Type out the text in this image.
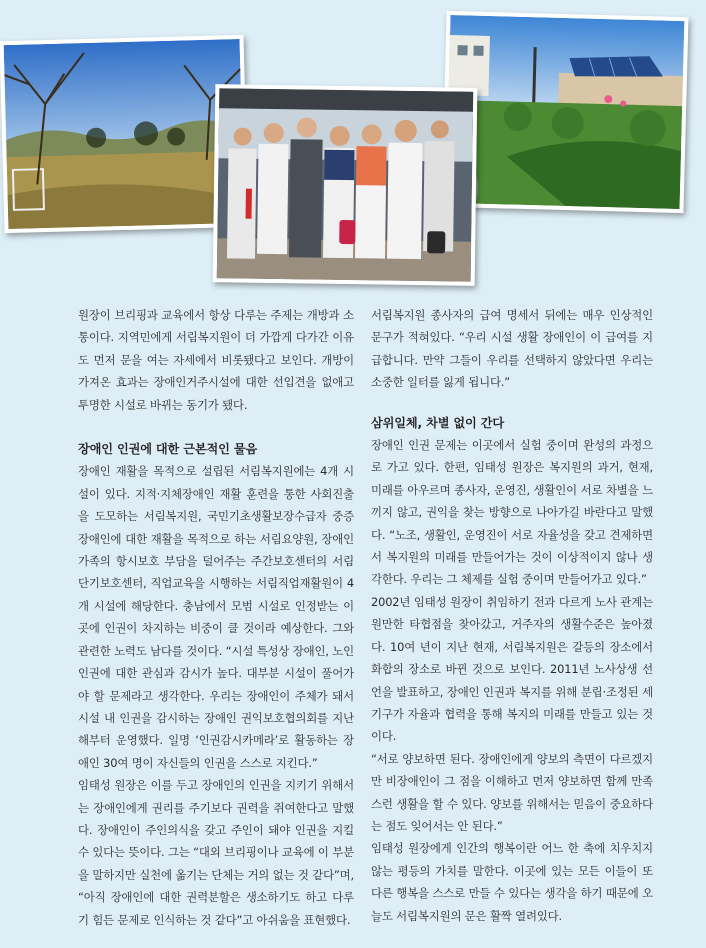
원장이 브리핑과 교육에서 항상 다루는 주제는 개방과 소통이다. 지역민에게 서림복지원이 더 가깝게 다가간 이유도 먼저 문을 여는 자세에서 비롯됐다고 보인다. 개방이 가져온 효과는 장애인거주시설에 대한 선입견을 없애고 투명한 시설로 바뀌는 동기가 됐다.

장애인 인권에 대한 근본적인 물음

장애인 재활을 목적으로 설립된 서림복지원에는 4개 시설이 있다. 지적·지체장애인 재활 훈련을 통한 사회진출을 도모하는 서림복지원, 국민기초생활보장수급자 중증장애인에 대한 재활을 목적으로 하는 서림요양원, 장애인가족의 항시보호 부담을 덜어주는 주간보호센터의 서림단기보호센터, 직업교육을 시행하는 서림직업재활원이 4개 시설에 해당한다. 충남에서 모범 시설로 인정받는 이곳에 인권이 차지하는 비중이 클 것이라 예상한다. 그와 관련한 노력도 남다를 것이다. “시설 특성상 장애인, 노인 인권에 대한 관심과 감시가 높다. 대부분 시설이 풀어가야 할 문제라고 생각한다. 우리는 장애인이 주체가 돼서 시설 내 인권을 감시하는 장애인 권익보호협의회를 지난해부터 운영했다. 일명 ‘인권감시카메라’로 활동하는 장애인 30여 명이 자신들의 인권을 스스로 지킨다.”

임태성 원장은 이를 두고 장애인의 인권을 지키기 위해서는 장애인에게 권리를 주기보다 권력을 쥐여한다고 말했다. 장애인이 주인의식을 갖고 주인이 돼야 인권을 지킬 수 있다는 뜻이다. 그는 “대외 브리핑이나 교육에 이 부분을 말하지만 실천에 옮기는 단체는 거의 없는 것 같다”며, “아직 장애인에 대한 권력분할은 생소하기도 하고 다루기 힘든 문제로 인식하는 것 같다”고 아쉬움을 표현했다.

서림복지원 종사자의 급여 명세서 뒤에는 매우 인상적인 문구가 적혀있다. “우리 시설 생활 장애인이 이 급여를 지급합니다. 만약 그들이 우리를 선택하지 않았다면 우리는 소중한 일터를 잃게 됩니다.”

삼위일체, 차별 없이 간다

장애인 인권 문제는 이곳에서 실험 중이며 완성의 과정으로 가고 있다. 한편, 임태성 원장은 복지원의 과거, 현재, 미래를 아우르며 종사자, 운영진, 생활인이 서로 차별을 느끼지 않고, 권익을 찾는 방향으로 나아가길 바란다고 말했다. “노조, 생활인, 운영진이 서로 자율성을 갖고 견제하면서 복지원의 미래를 만들어가는 것이 이상적이지 않나 생각한다. 우리는 그 체제를 실험 중이며 만들어가고 있다.”

2002년 임태성 원장이 취임하기 전과 다르게 노사 관계는 원만한 타협점을 찾아갔고, 거주자의 생활수준은 높아졌다. 10여 년이 지난 현재, 서림복지원은 갈등의 장소에서 화합의 장소로 바뀐 것으로 보인다. 2011년 노사상생 선언을 발표하고, 장애인 인권과 복지를 위해 분립·조정된 세 기구가 자율과 협력을 통해 복지의 미래를 만들고 있는 것이다.

“서로 양보하면 된다. 장애인에게 양보의 측면이 다르겠지만 비장애인이 그 점을 이해하고 먼저 양보하면 함께 만족스런 생활을 할 수 있다. 양보를 위해서는 믿음이 중요하다는 점도 잊어서는 안 된다.”

임태성 원장에게 인간의 행복이란 어느 한 축에 치우치지 않는 평등의 가치를 말한다. 이곳에 있는 모든 이들이 또 다른 행복을 스스로 만들 수 있다는 생각을 하기 때문에 오늘도 서림복지원의 문은 활짝 열려있다.
